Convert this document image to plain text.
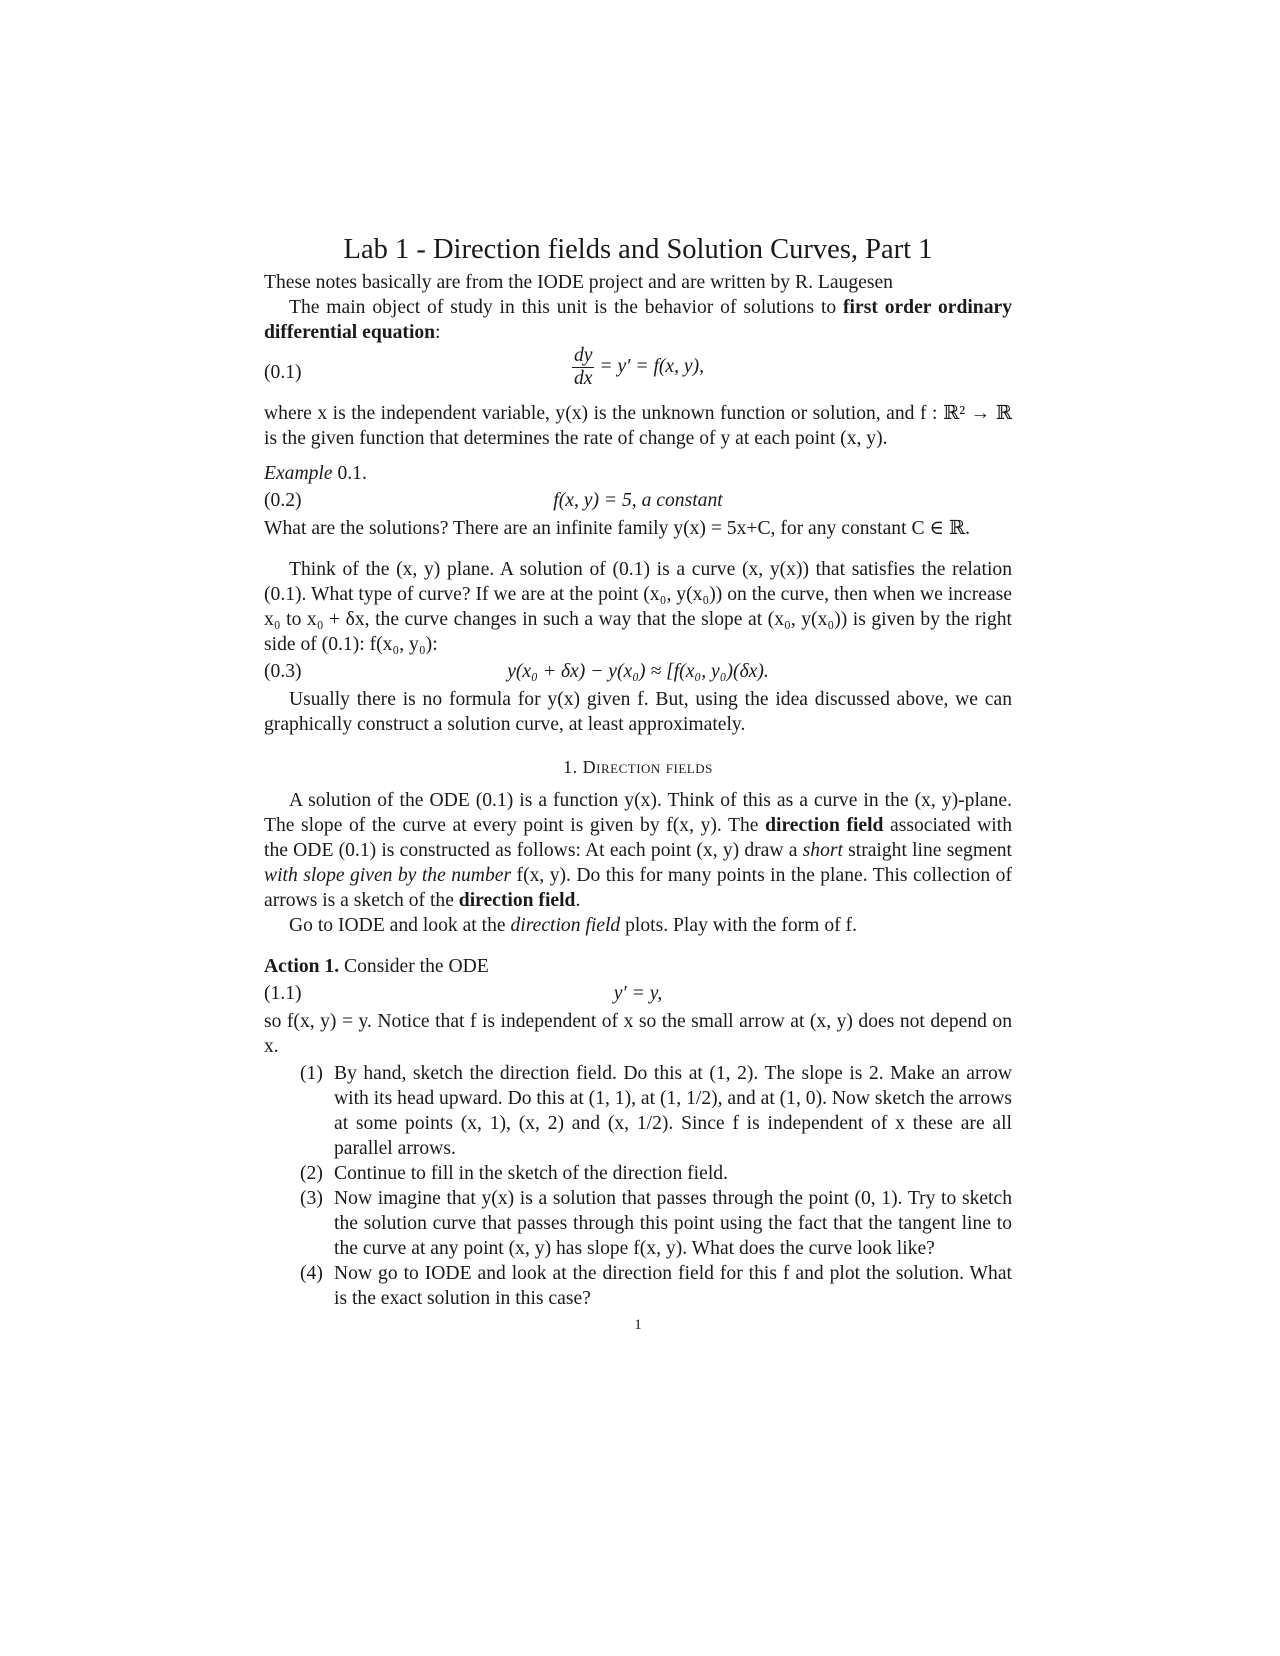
Lab 1 - Direction fields and Solution Curves, Part 1

These notes basically are from the IODE project and are written by R. Laugesen

The main object of study in this unit is the behavior of solutions to first order ordinary differential equation:

(0.1)	$\frac{dy}{dx} = y' = f(x$, y),

where x is the independent variable, y(x) is the unknown function or solution, and f : ℝ² → ℝ is the given function that determines the rate of change of y at each point (x, y).

Example 0.1.

(0.2)	f(x, y) = 5, a constant

What are the solutions? There are an infinite family y(x) = 5x+C, for any constant C ∈ ℝ.

Think of the (x, y) plane. A solution of (0.1) is a curve (x, y(x)) that satisfies the relation (0.1). What type of curve? If we are at the point (x₀, y(x₀)) on the curve, then when we increase x₀ to x₀ + δx, the curve changes in such a way that the slope at (x₀, y(x₀)) is given by the right side of (0.1): f(x₀, y₀):

(0.3)	y(x₀ + δx) − y(x₀) ≈ [f(x₀, y₀)(δx).

Usually there is no formula for y(x) given f. But, using the idea discussed above, we can graphically construct a solution curve, at least approximately.

1. Direction fields

A solution of the ODE (0.1) is a function y(x). Think of this as a curve in the (x, y)-plane. The slope of the curve at every point is given by f(x, y). The direction field associated with the ODE (0.1) is constructed as follows: At each point (x, y) draw a short straight line segment with slope given by the number f(x, y). Do this for many points in the plane. This collection of arrows is a sketch of the direction field.

Go to IODE and look at the direction field plots. Play with the form of f.

Action 1. Consider the ODE

(1.1)	y′ = y,

so f(x, y) = y. Notice that f is independent of x so the small arrow at (x, y) does not depend on x.

(1) By hand, sketch the direction field. Do this at (1, 2). The slope is 2. Make an arrow with its head upward. Do this at (1, 1), at (1, 1/2), and at (1, 0). Now sketch the arrows at some points (x, 1), (x, 2) and (x, 1/2). Since f is independent of x these are all parallel arrows.
(2) Continue to fill in the sketch of the direction field.
(3) Now imagine that y(x) is a solution that passes through the point (0, 1). Try to sketch the solution curve that passes through this point using the fact that the tangent line to the curve at any point (x, y) has slope f(x, y). What does the curve look like?
(4) Now go to IODE and look at the direction field for this f and plot the solution. What is the exact solution in this case?
1
